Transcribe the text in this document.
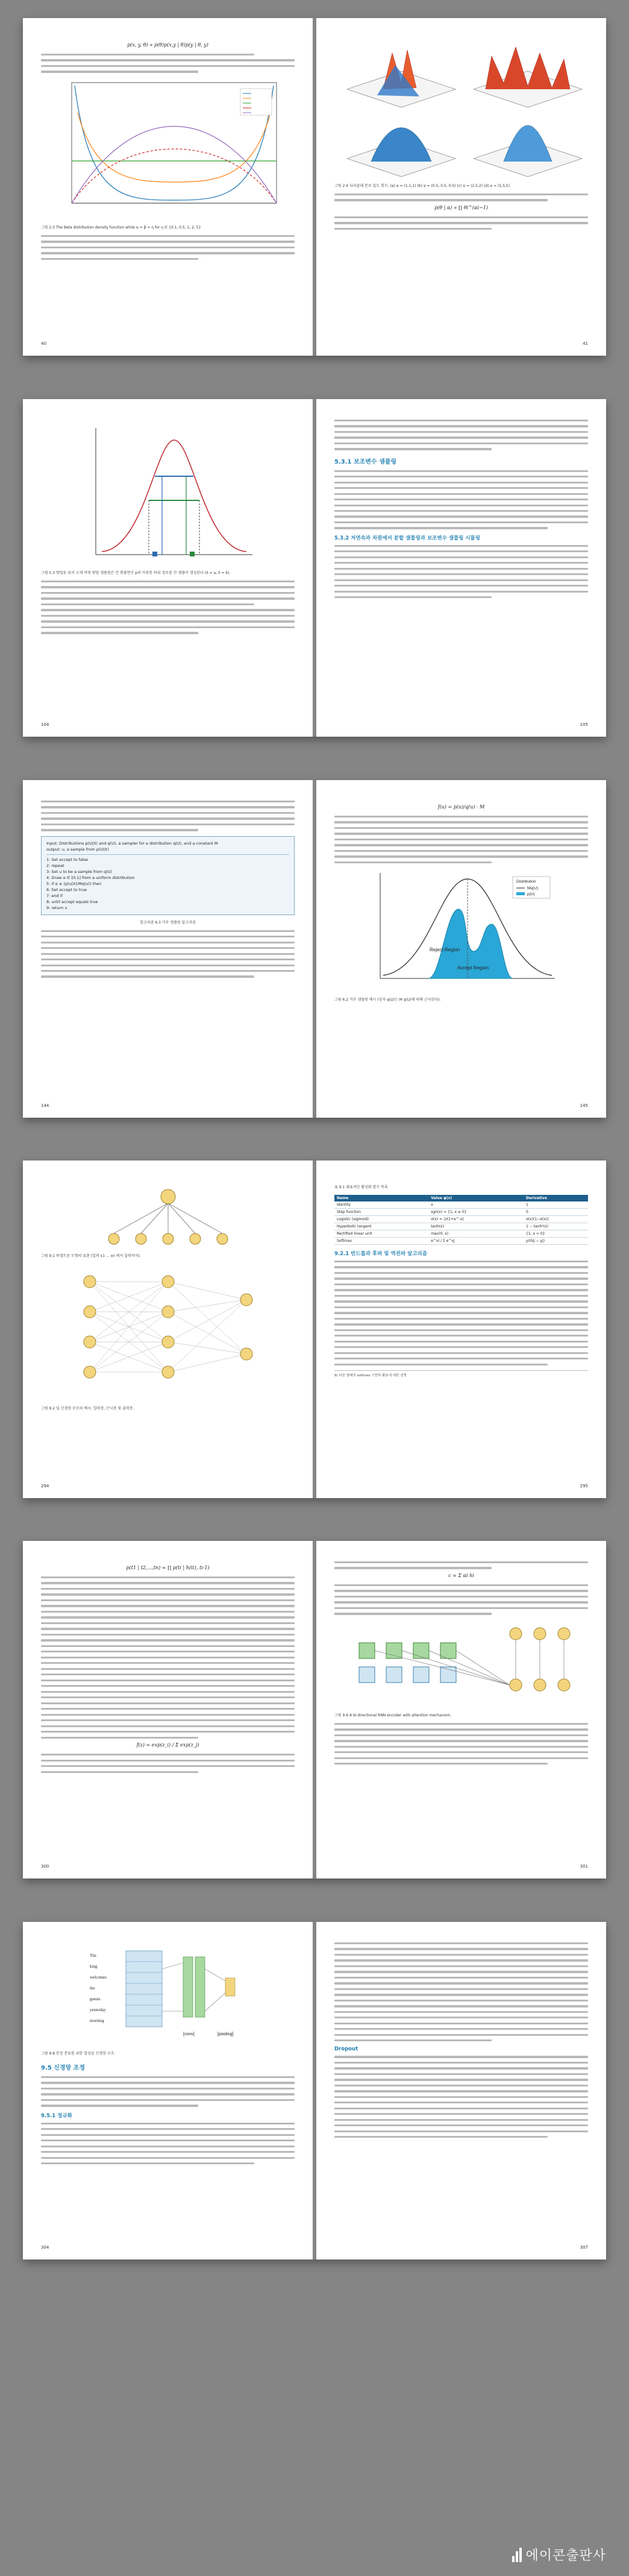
p(x, y, θ) ∝ p(θ)p(x,y | θ)p(y | θ, y)
그림 2.3 The Beta distribution density function while α = β = η for η ∈ {0.1, 0.5, 1, 2, 5}
40
그림 2.4 디리클레 분포 밀도 함수, (a) α = (1,1,1) (b) α = (0.5, 0.5, 0.5) (c) α = (2,5,2) (d) α = (5,5,5)
p(θ | α) ∝ ∏ θi^(αi−1)
41
그림 5.3 방법론 위치 소재 머릿 방법 샘플링은 안 확률변수 p의 이용한 하위 경로를 안 샘플이 생성된다 (λ = a, λ = b).
104
5.3.1 보조변수 샘플링
5.3.2 저연속과 차원에서 분할 샘플링과 보조변수 샘플링 시뮬링
105
Input: Distributions p(U|X) and q(U), a sampler for a distribution q(U), and a constant M
output: u, a sample from p(U|X)
1: Set accept to false
2: repeat
3: Set u to be a sample from q(U)
4: Draw α ∈ [0,1] from a uniform distribution
5: if α ≤ (p(u|X)/Mq(u)) then
6: Set accept to true
7: end if
8: until accept equals true
9: return u
알고리즘 6.3 거부 샘플링 알고리즘
144
f(u) = p(u)/q(u) · M
Reject Region
Accept Region
Distribution
Mq(U)
p(U)
그림 6.2 거부 샘플링 예시 (상자 q(U)는 M q(U)에 의해 근사된다).
145
그림 9.1 퍼셉트론 모형의 표현 (입력 x1 ... xn 에서 출력까지).
그림 9.2 딥 신경망 구조의 예시: 입력층, 은닉층 및 출력층.
294
표 9.1 대표적인 활성화 함수 목록
Name	Value φ(x)	Derivative
Identity	x	1
Step function	sgn(x) = {1, x ≥ 0}	0
Logistic (sigmoid)	σ(x) = 1/(1+e^-x)	σ(x)(1−σ(x))
Hyperbolic tangent	tanh(x)	1 − tanh²(x)
Rectified linear unit	max(0, x)	{1, x > 0}
Softmax	e^xi / Σ e^xj	yi(δij − yj)
9.2.1 반드롭과 후퍼 및 역전파 알고리즘
9) 다른 형태의 softmax 구현과 활용에 대한 설명
295
p(t1 | t2,...,tn) ≈ ∏ p(ti | h(ti), ti-1)
f(z) = exp(z_i) / Σ exp(z_j)
300
c = Σ αi hi
그림 9.6 A bi-directional RNN encoder with attention mechanism.
301
The
king
welcomes
the
guests
yesterday
morning
[conv]	[pooling]
그림 9.8 문장 분류를 위한 합성곱 신경망 구조.
9.5 신경망 조정
9.5.1 정규화
304
Dropout
307
에이콘출판사
